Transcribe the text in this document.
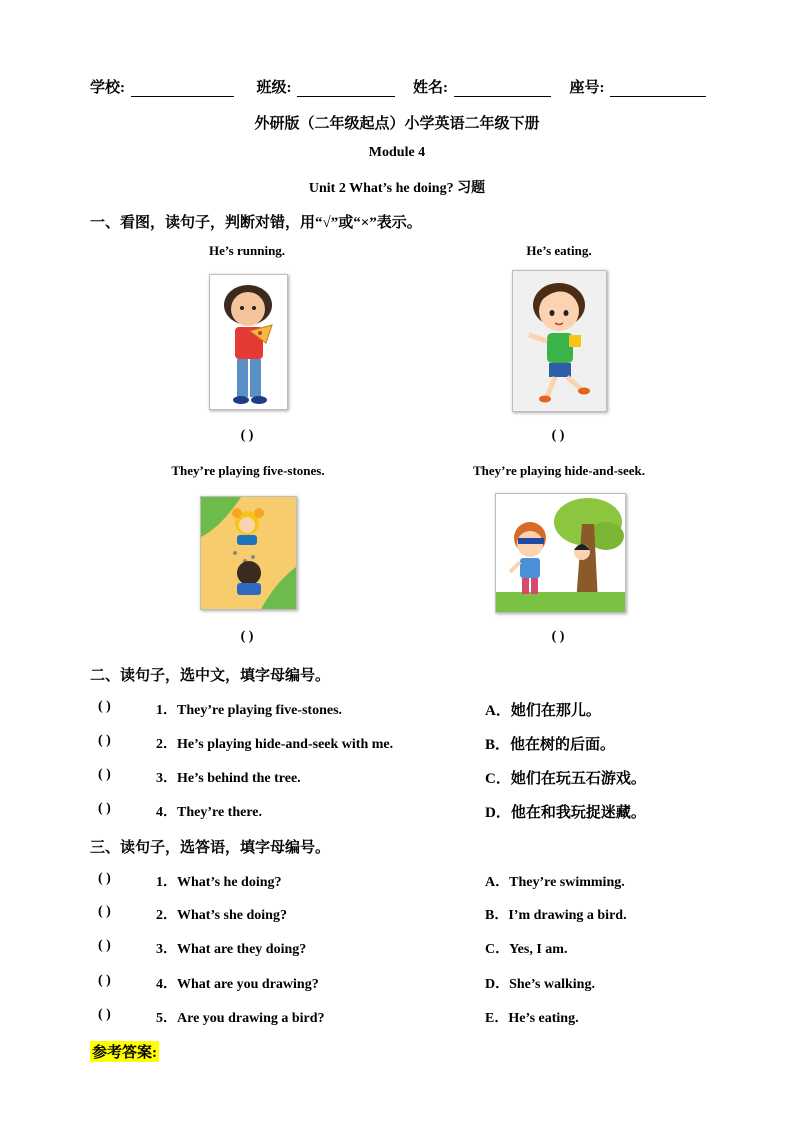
学校:	班级:	姓名:	座号:
外研版（二年级起点）小学英语二年级下册
Module 4
Unit 2 What’s he doing? 习题
一、看图，读句子，判断对错，用“√”或“×”表示。
He’s running.	He’s eating.
( )	( )
They’re playing five-stones.	They’re playing hide-and-seek.
( )	( )
二、读句子，选中文，填字母编号。
( )	1．They’re playing five-stones.	A．她们在那儿。
( )	2．He’s playing hide-and-seek with me.	B．他在树的后面。
( )	3．He’s behind the tree.	C．她们在玩五石游戏。
( )	4．They’re there.	D．他在和我玩捉迷藏。
三、读句子，选答语，填字母编号。
( )	1．What’s he doing?	A．They’re swimming.
( )	2．What’s she doing?	B．I’m drawing a bird.
( )	3．What are they doing?	C．Yes, I am.
( )	4．What are you drawing?	D．She’s walking.
( )	5．Are you drawing a bird?	E．He’s eating.
参考答案:
